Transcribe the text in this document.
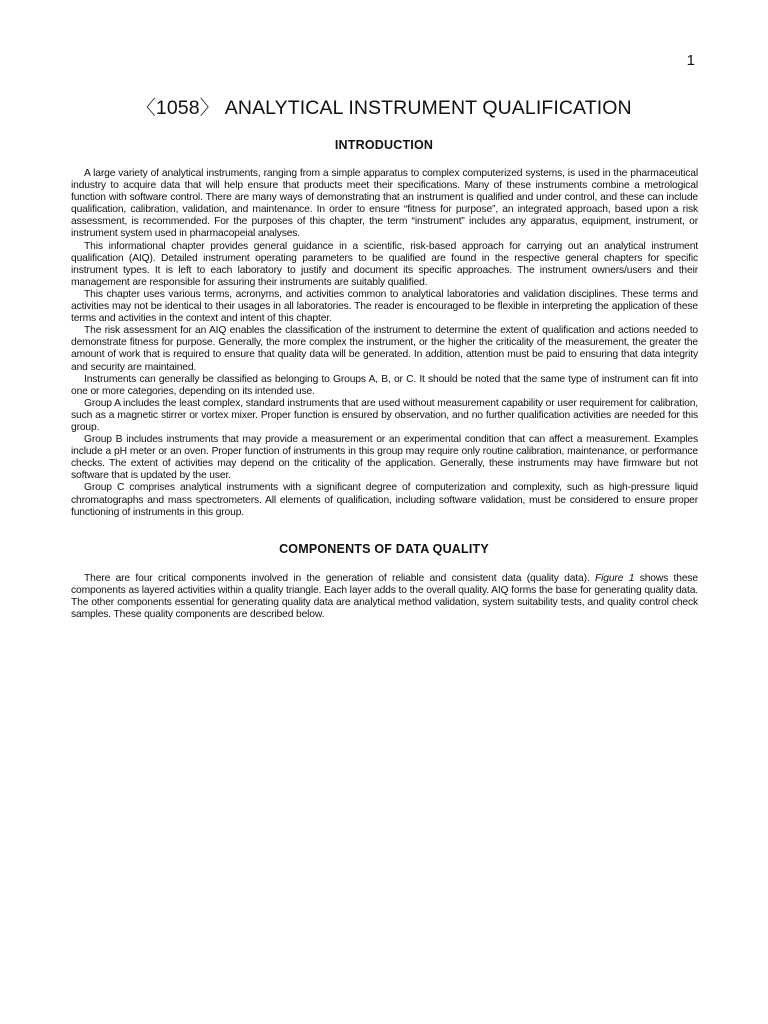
1
〈1058〉 ANALYTICAL INSTRUMENT QUALIFICATION
INTRODUCTION

A large variety of analytical instruments, ranging from a simple apparatus to complex computerized systems, is used in the pharmaceutical industry to acquire data that will help ensure that products meet their specifications. Many of these instruments combine a metrological function with software control. There are many ways of demonstrating that an instrument is qualified and under control, and these can include qualification, calibration, validation, and maintenance. In order to ensure “fitness for purpose”, an integrated approach, based upon a risk assessment, is recommended. For the purposes of this chapter, the term “instrument” includes any apparatus, equipment, instrument, or instrument system used in pharmacopeial analyses.

This informational chapter provides general guidance in a scientific, risk-based approach for carrying out an analytical instrument qualification (AIQ). Detailed instrument operating parameters to be qualified are found in the respective general chapters for specific instrument types. It is left to each laboratory to justify and document its specific approaches. The instrument owners/users and their management are responsible for assuring their instruments are suitably qualified.

This chapter uses various terms, acronyms, and activities common to analytical laboratories and validation disciplines. These terms and activities may not be identical to their usages in all laboratories. The reader is encouraged to be flexible in interpreting the application of these terms and activities in the context and intent of this chapter.

The risk assessment for an AIQ enables the classification of the instrument to determine the extent of qualification and actions needed to demonstrate fitness for purpose. Generally, the more complex the instrument, or the higher the criticality of the measurement, the greater the amount of work that is required to ensure that quality data will be generated. In addition, attention must be paid to ensuring that data integrity and security are maintained.

Instruments can generally be classified as belonging to Groups A, B, or C. It should be noted that the same type of instrument can fit into one or more categories, depending on its intended use.

Group A includes the least complex, standard instruments that are used without measurement capability or user requirement for calibration, such as a magnetic stirrer or vortex mixer. Proper function is ensured by observation, and no further qualification activities are needed for this group.

Group B includes instruments that may provide a measurement or an experimental condition that can affect a measurement. Examples include a pH meter or an oven. Proper function of instruments in this group may require only routine calibration, maintenance, or performance checks. The extent of activities may depend on the criticality of the application. Generally, these instruments may have firmware but not software that is updated by the user.

Group C comprises analytical instruments with a significant degree of computerization and complexity, such as high-pressure liquid chromatographs and mass spectrometers. All elements of qualification, including software validation, must be considered to ensure proper functioning of instruments in this group.

COMPONENTS OF DATA QUALITY

There are four critical components involved in the generation of reliable and consistent data (quality data). Figure 1 shows these components as layered activities within a quality triangle. Each layer adds to the overall quality. AIQ forms the base for generating quality data. The other components essential for generating quality data are analytical method validation, system suitability tests, and quality control check samples. These quality components are described below.
